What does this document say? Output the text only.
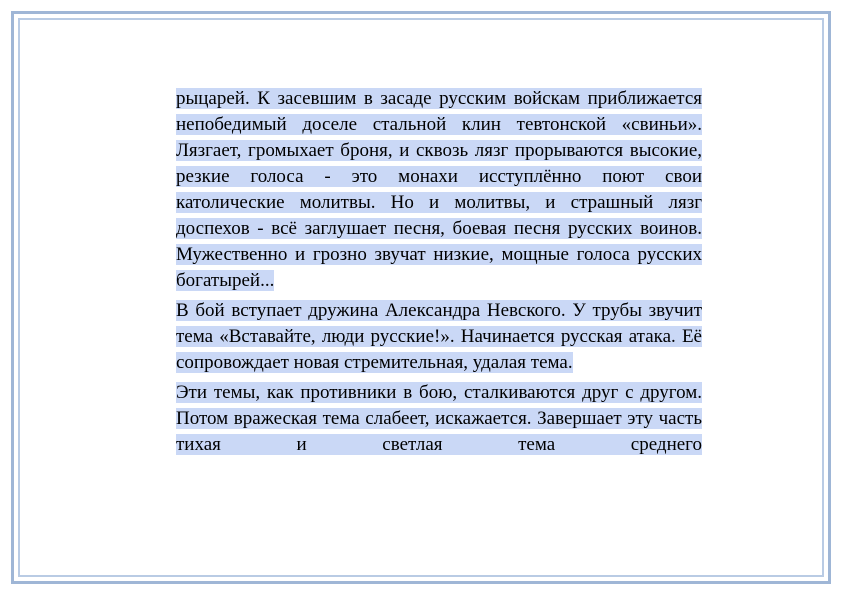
рыцарей. К засевшим в засаде русским войскам приближается непобедимый доселе стальной клин тевтонской «свиньи». Лязгает, громыхает броня, и сквозь лязг прорываются высокие, резкие голоса - это монахи исступлённо поют свои католические молитвы. Но и молитвы, и страшный лязг доспехов - всё заглушает песня, боевая песня русских воинов. Мужественно и грозно звучат низкие, мощные голоса русских богатырей...

В бой вступает дружина Александра Невского. У трубы звучит тема «Вставайте, люди русские!». Начинается русская атака. Её сопровождает новая стремительная, удалая тема.

Эти темы, как противники в бою, сталкиваются друг с другом. Потом вражеская тема слабеет, искажается. Завершает эту часть тихая и светлая тема среднего
